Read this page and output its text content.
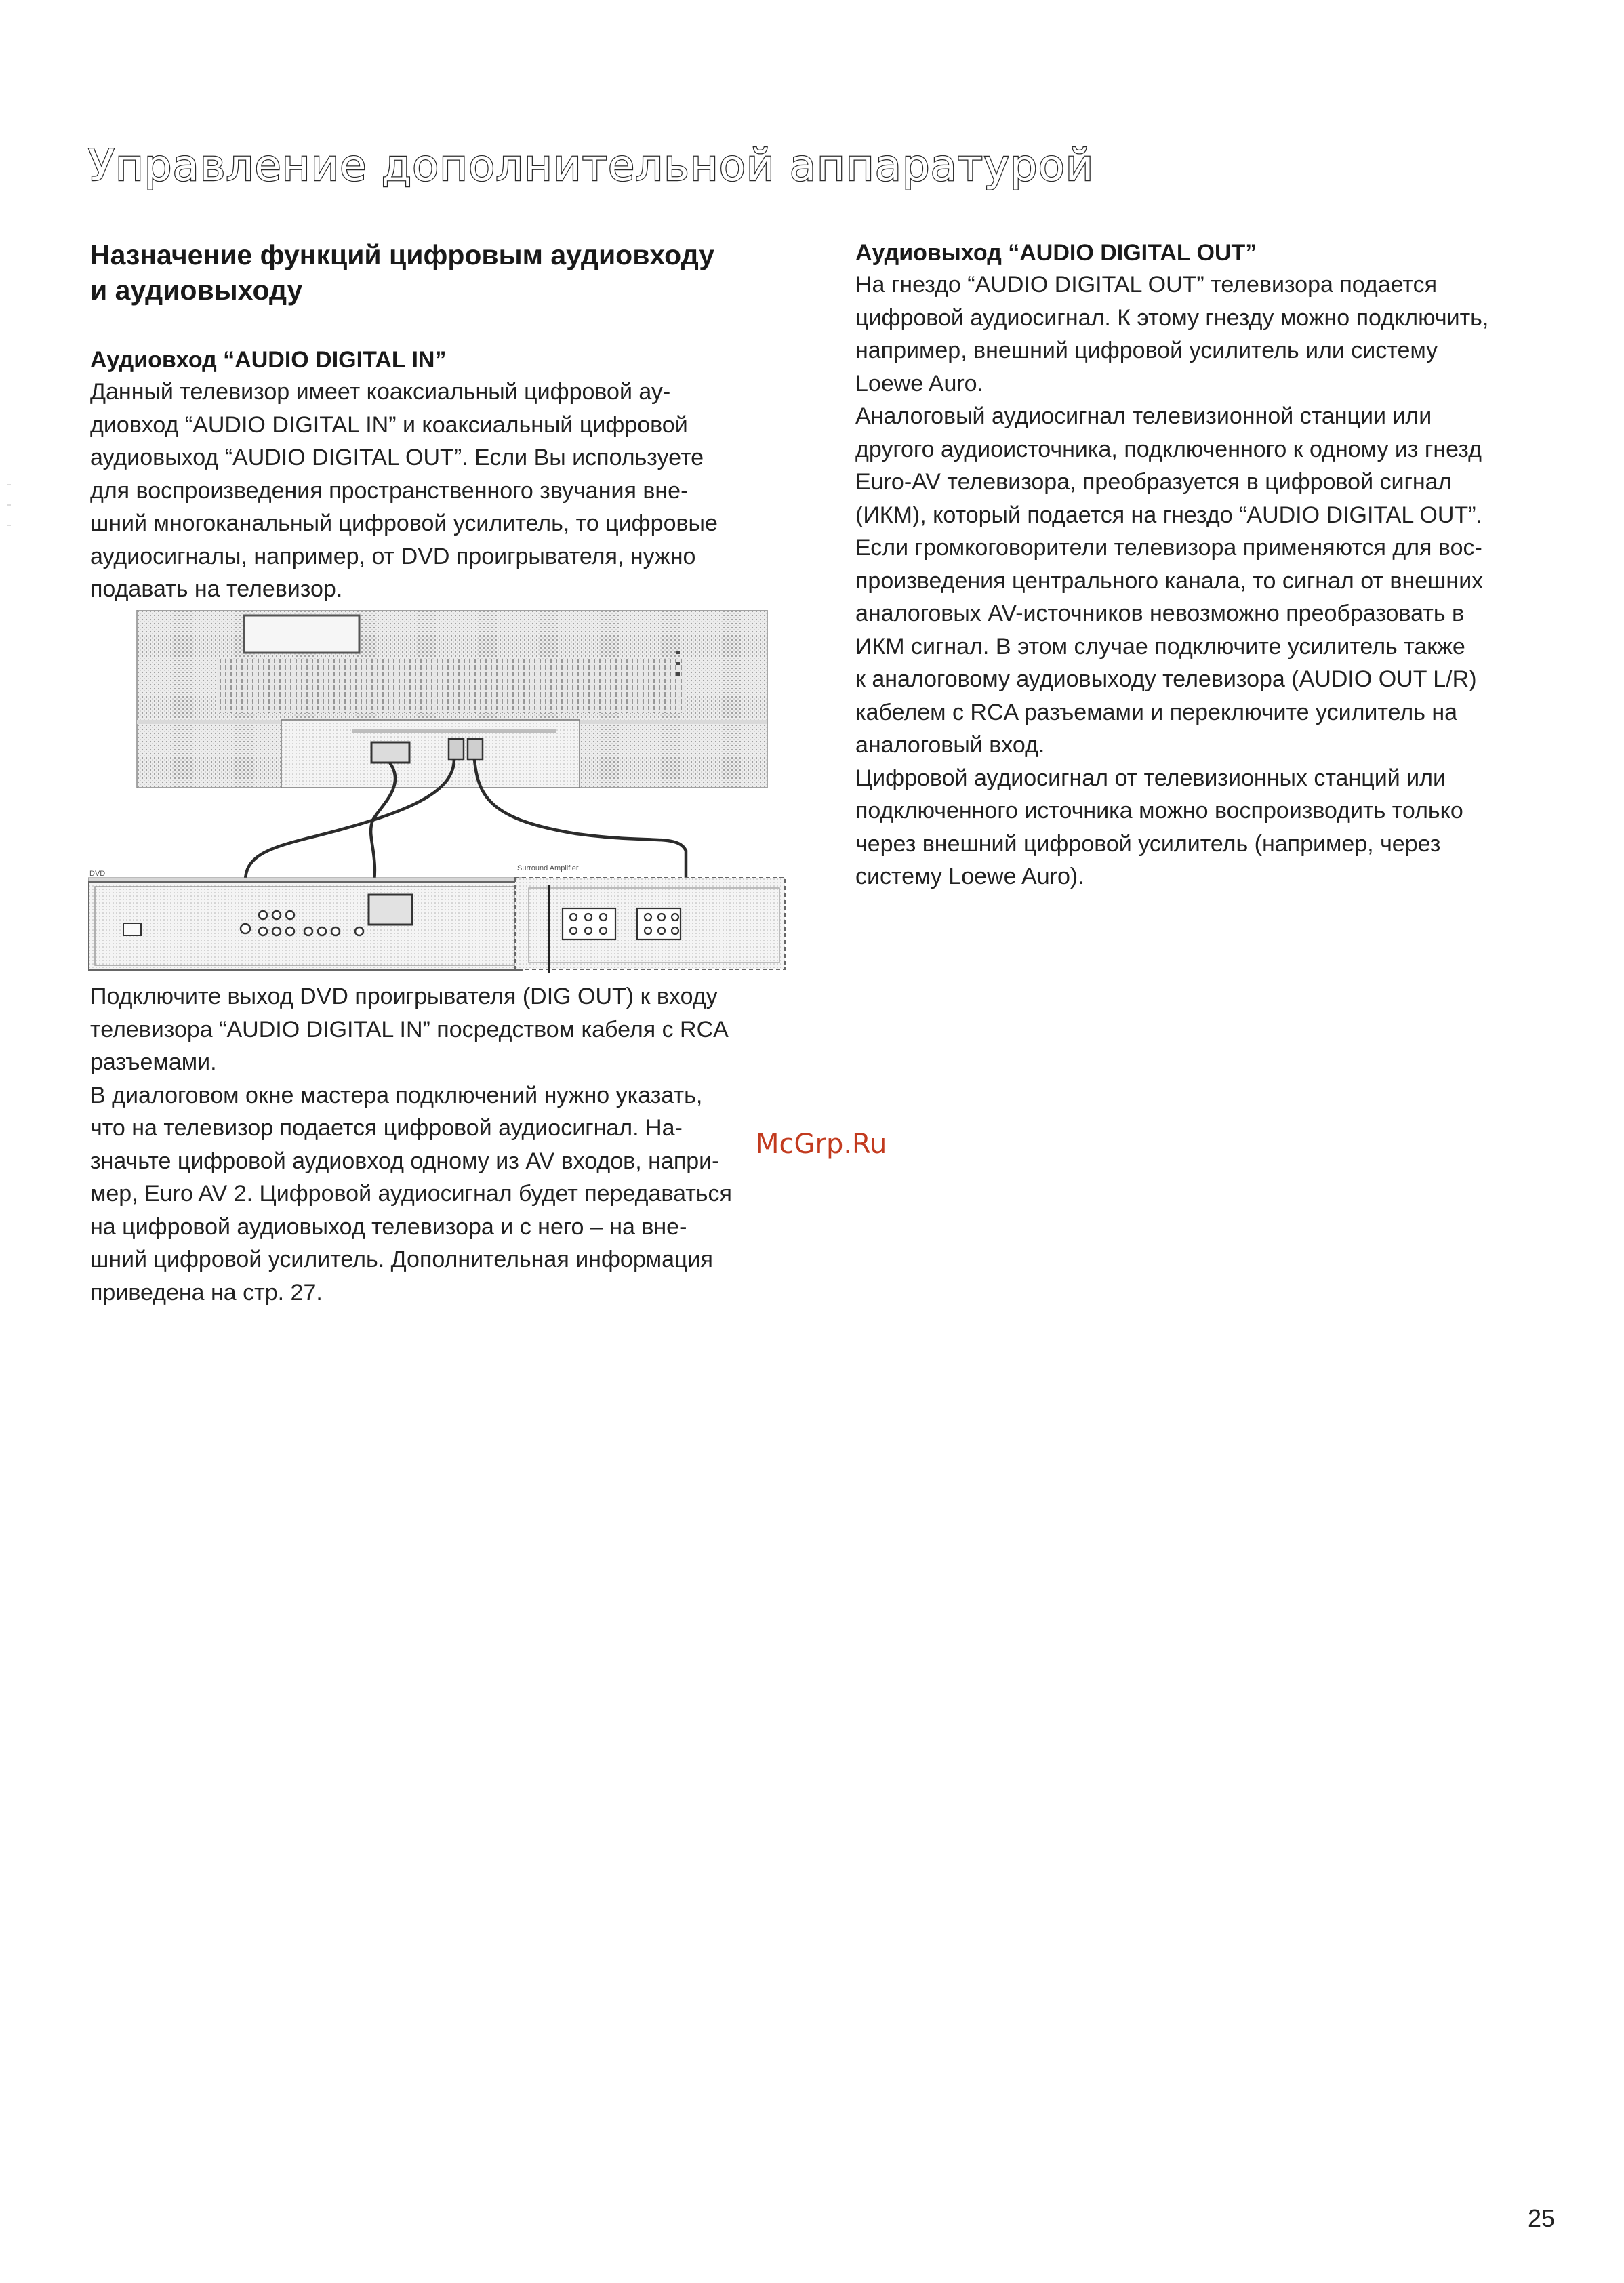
Управление дополнительной аппаратурой
Назначение функций цифровым аудиовходу
и аудиовыходу
Аудиовход “AUDIO DIGITAL IN”

Данный телевизор имеет коаксиальный цифровой ау-
диовход “AUDIO DIGITAL IN” и коаксиальный цифровой
аудиовыход “AUDIO DIGITAL OUT”. Если Вы используете
для воспроизведения пространственного звучания вне-
шний многоканальный цифровой усилитель, то цифровые
аудиосигналы, например, от DVD проигрывателя, нужно
подавать на телевизор.

DVD
Surround Amplifier

Подключите выход DVD проигрывателя (DIG OUT) к входу
телевизора “AUDIO DIGITAL IN” посредством кабеля с RCA
разъемами.
В диалоговом окне мастера подключений нужно указать,
что на телевизор подается цифровой аудиосигнал. На-
значьте цифровой аудиовход одному из AV входов, напри-
мер, Euro AV 2. Цифровой аудиосигнал будет передаваться
на цифровой аудиовыход телевизора и с него – на вне-
шний цифровой усилитель. Дополнительная информация
приведена на стр. 27.

Аудиовыход “AUDIO DIGITAL OUT”

На гнездо “AUDIO DIGITAL OUT” телевизора подается
цифровой аудиосигнал. К этому гнезду можно подключить,
например, внешний цифровой усилитель или систему
Loewe Auro.
Аналоговый аудиосигнал телевизионной станции или
другого аудиоисточника, подключенного к одному из гнезд
Euro-AV телевизора, преобразуется в цифровой сигнал
(ИКМ), который подается на гнездо “AUDIO DIGITAL OUT”.
Если громкоговорители телевизора применяются для вос-
произведения центрального канала, то сигнал от внешних
аналоговых AV-источников невозможно преобразовать в
ИКМ сигнал. В этом случае подключите усилитель также
к аналоговому аудиовыходу телевизора (AUDIO OUT L/R)
кабелем с RCA разъемами и переключите усилитель на
аналоговый вход.
Цифровой аудиосигнал от телевизионных станций или
подключенного источника можно воспроизводить только
через внешний цифровой усилитель (например, через
систему Loewe Auro).

McGrp.Ru
25
